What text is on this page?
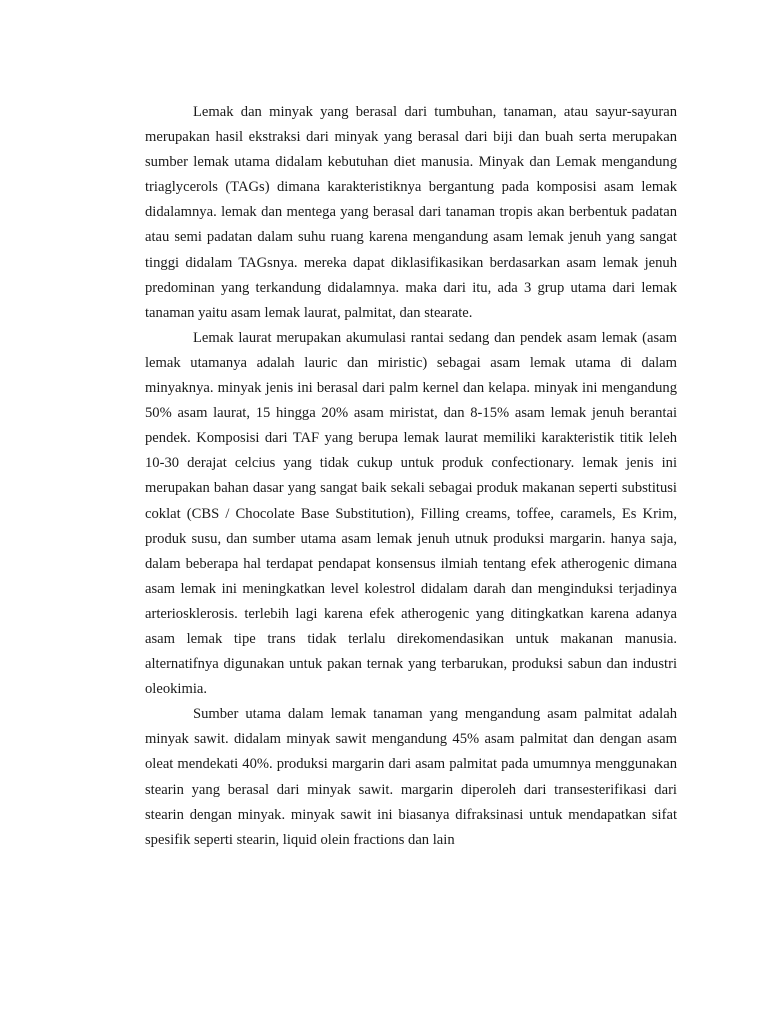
Lemak dan minyak yang berasal dari tumbuhan, tanaman, atau sayur-sayuran merupakan hasil ekstraksi dari minyak yang berasal dari biji dan buah serta merupakan sumber lemak utama didalam kebutuhan diet manusia. Minyak dan Lemak mengandung triaglycerols (TAGs) dimana karakteristiknya bergantung pada komposisi asam lemak didalamnya. lemak dan mentega yang berasal dari tanaman tropis akan berbentuk padatan atau semi padatan dalam suhu ruang karena mengandung asam lemak jenuh yang sangat tinggi didalam TAGsnya. mereka dapat diklasifikasikan berdasarkan asam lemak jenuh predominan yang terkandung didalamnya. maka dari itu, ada 3 grup utama dari lemak tanaman yaitu asam lemak laurat, palmitat, dan stearate.

Lemak laurat merupakan akumulasi rantai sedang dan pendek asam lemak (asam lemak utamanya adalah lauric dan miristic) sebagai asam lemak utama di dalam minyaknya. minyak jenis ini berasal dari palm kernel dan kelapa. minyak ini mengandung 50% asam laurat, 15 hingga 20% asam miristat, dan 8-15% asam lemak jenuh berantai pendek. Komposisi dari TAF yang berupa lemak laurat memiliki karakteristik titik leleh 10-30 derajat celcius yang tidak cukup untuk produk confectionary. lemak jenis ini merupakan bahan dasar yang sangat baik sekali sebagai produk makanan seperti substitusi coklat (CBS / Chocolate Base Substitution), Filling creams, toffee, caramels, Es Krim, produk susu, dan sumber utama asam lemak jenuh utnuk produksi margarin. hanya saja, dalam beberapa hal terdapat pendapat konsensus ilmiah tentang efek atherogenic dimana asam lemak ini meningkatkan level kolestrol didalam darah dan menginduksi terjadinya arteriosklerosis. terlebih lagi karena efek atherogenic yang ditingkatkan karena adanya asam lemak tipe trans tidak terlalu direkomendasikan untuk makanan manusia. alternatifnya digunakan untuk pakan ternak yang terbarukan, produksi sabun dan industri oleokimia.

Sumber utama dalam lemak tanaman yang mengandung asam palmitat adalah minyak sawit. didalam minyak sawit mengandung 45% asam palmitat dan dengan asam oleat mendekati 40%. produksi margarin dari asam palmitat pada umumnya menggunakan stearin yang berasal dari minyak sawit. margarin diperoleh dari transesterifikasi dari stearin dengan minyak. minyak sawit ini biasanya difraksinasi untuk mendapatkan sifat spesifik seperti stearin, liquid olein fractions dan lain
